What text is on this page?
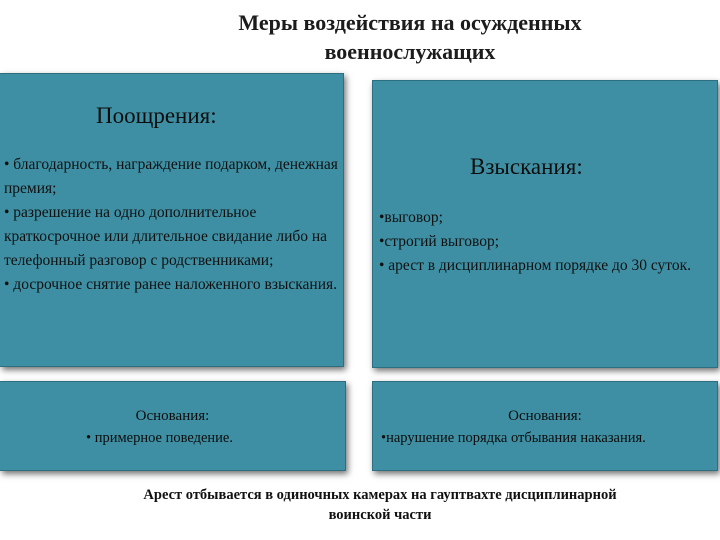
Меры воздействия на осужденных
военнослужащих
Поощрения:
• благодарность, награждение подарком, денежная премия;
• разрешение на одно дополнительное краткосрочное или длительное свидание либо на телефонный разговор с родственниками;
• досрочное снятие ранее наложенного взыскания.
Взыскания:
•выговор;
•строгий выговор;
• арест в дисциплинарном порядке до 30 суток.
Основания:
• примерное поведение.
Основания:
•нарушение порядка отбывания наказания.
Арест отбывается в одиночных камерах на гауптвахте дисциплинарной
воинской части
